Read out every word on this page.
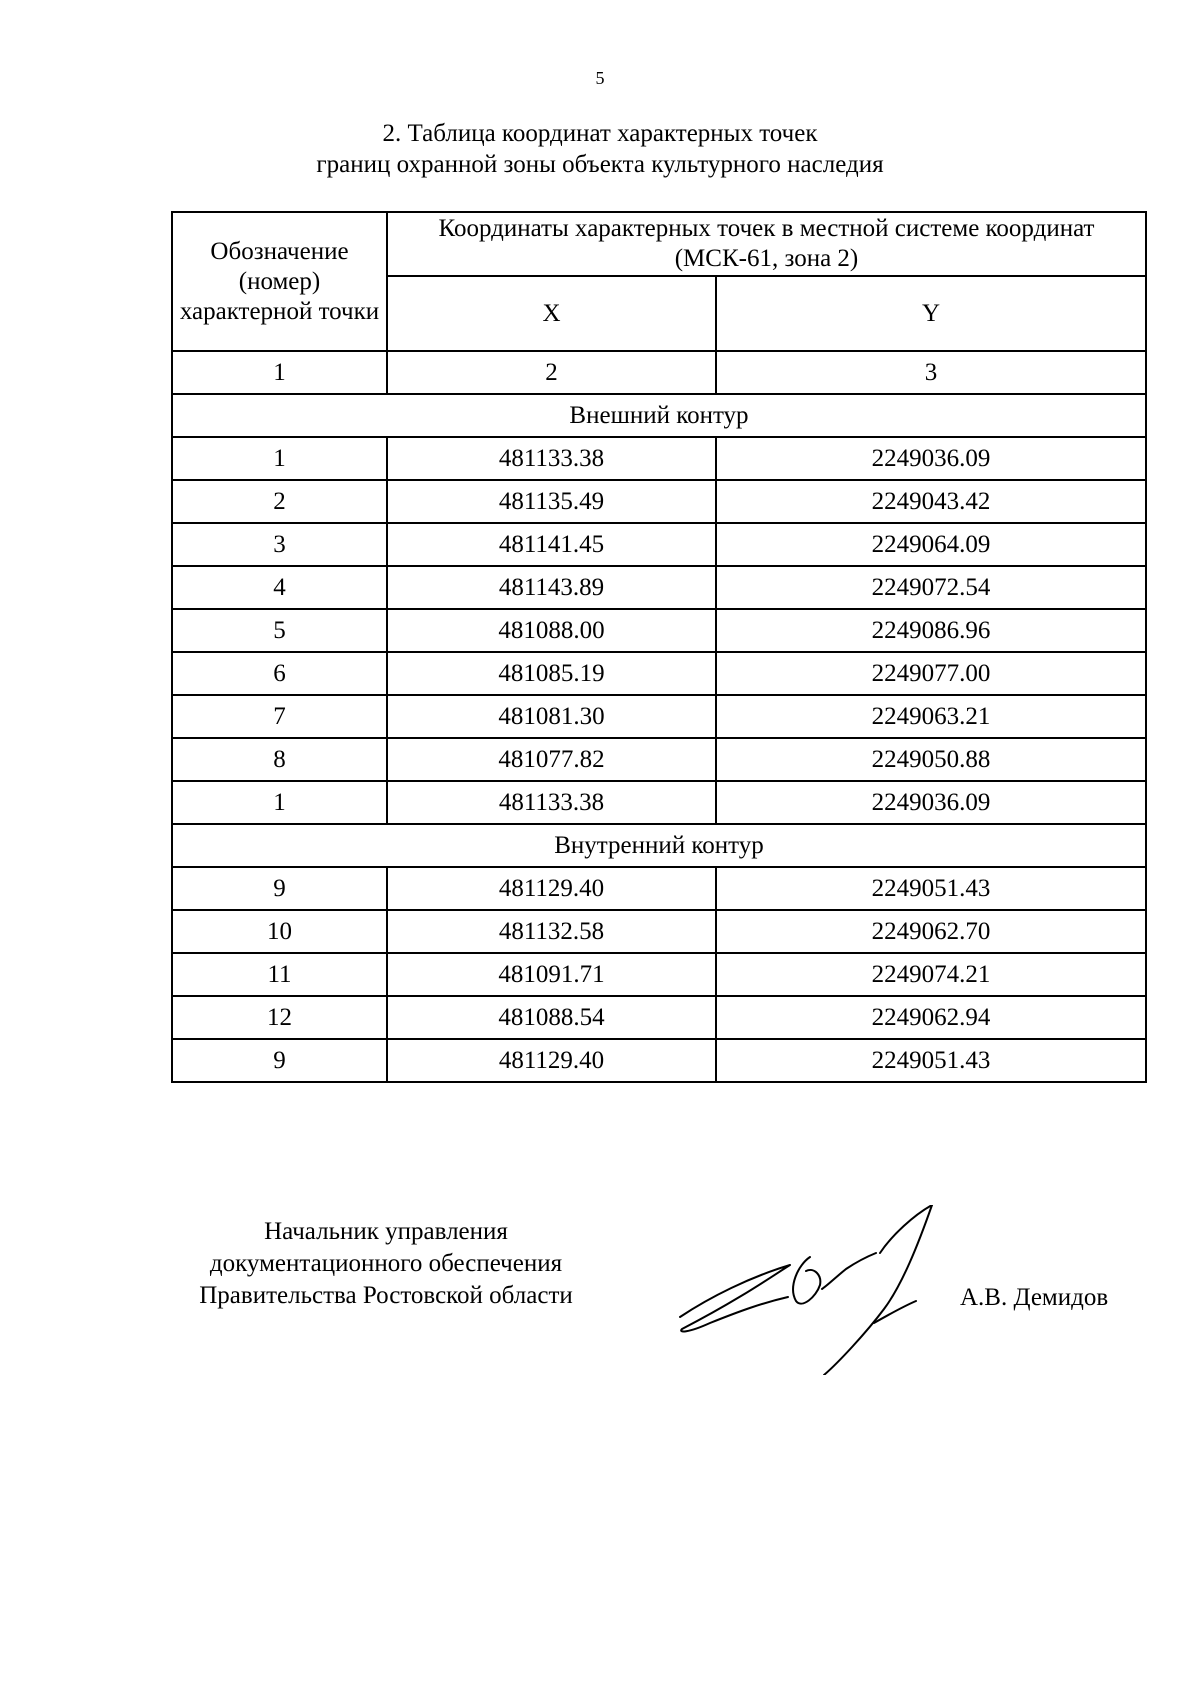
5
2. Таблица координат характерных точек
границ охранной зоны объекта культурного наследия
Обозначение (номер) характерной точки	Координаты характерных точек в местной системе координат (МСК-61, зона 2)	
	X	Y
1	2	3
Внешний контур		
1	481133.38	2249036.09
2	481135.49	2249043.42
3	481141.45	2249064.09
4	481143.89	2249072.54
5	481088.00	2249086.96
6	481085.19	2249077.00
7	481081.30	2249063.21
8	481077.82	2249050.88
1	481133.38	2249036.09
Внутренний контур		
9	481129.40	2249051.43
10	481132.58	2249062.70
11	481091.71	2249074.21
12	481088.54	2249062.94
9	481129.40	2249051.43
Начальник управления
документационного обеспечения
Правительства Ростовской области	А.В. Демидов
